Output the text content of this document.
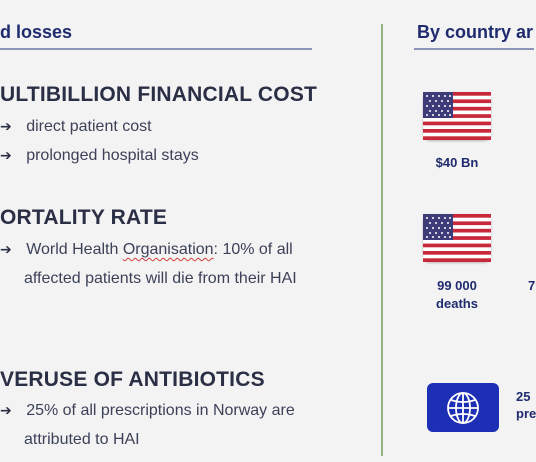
d losses	By country ar
ULTIBILLION FINANCIAL COST
➔ direct patient cost
➔ prolonged hospital stays
ORTALITY RATE
➔ World Health Organisation: 10% of all
affected patients will die from their HAI
VERUSE OF ANTIBIOTICS
➔ 25% of all prescriptions in Norway are
attributed to HAI
$40 Bn
99 000
deaths
7
25
pre
